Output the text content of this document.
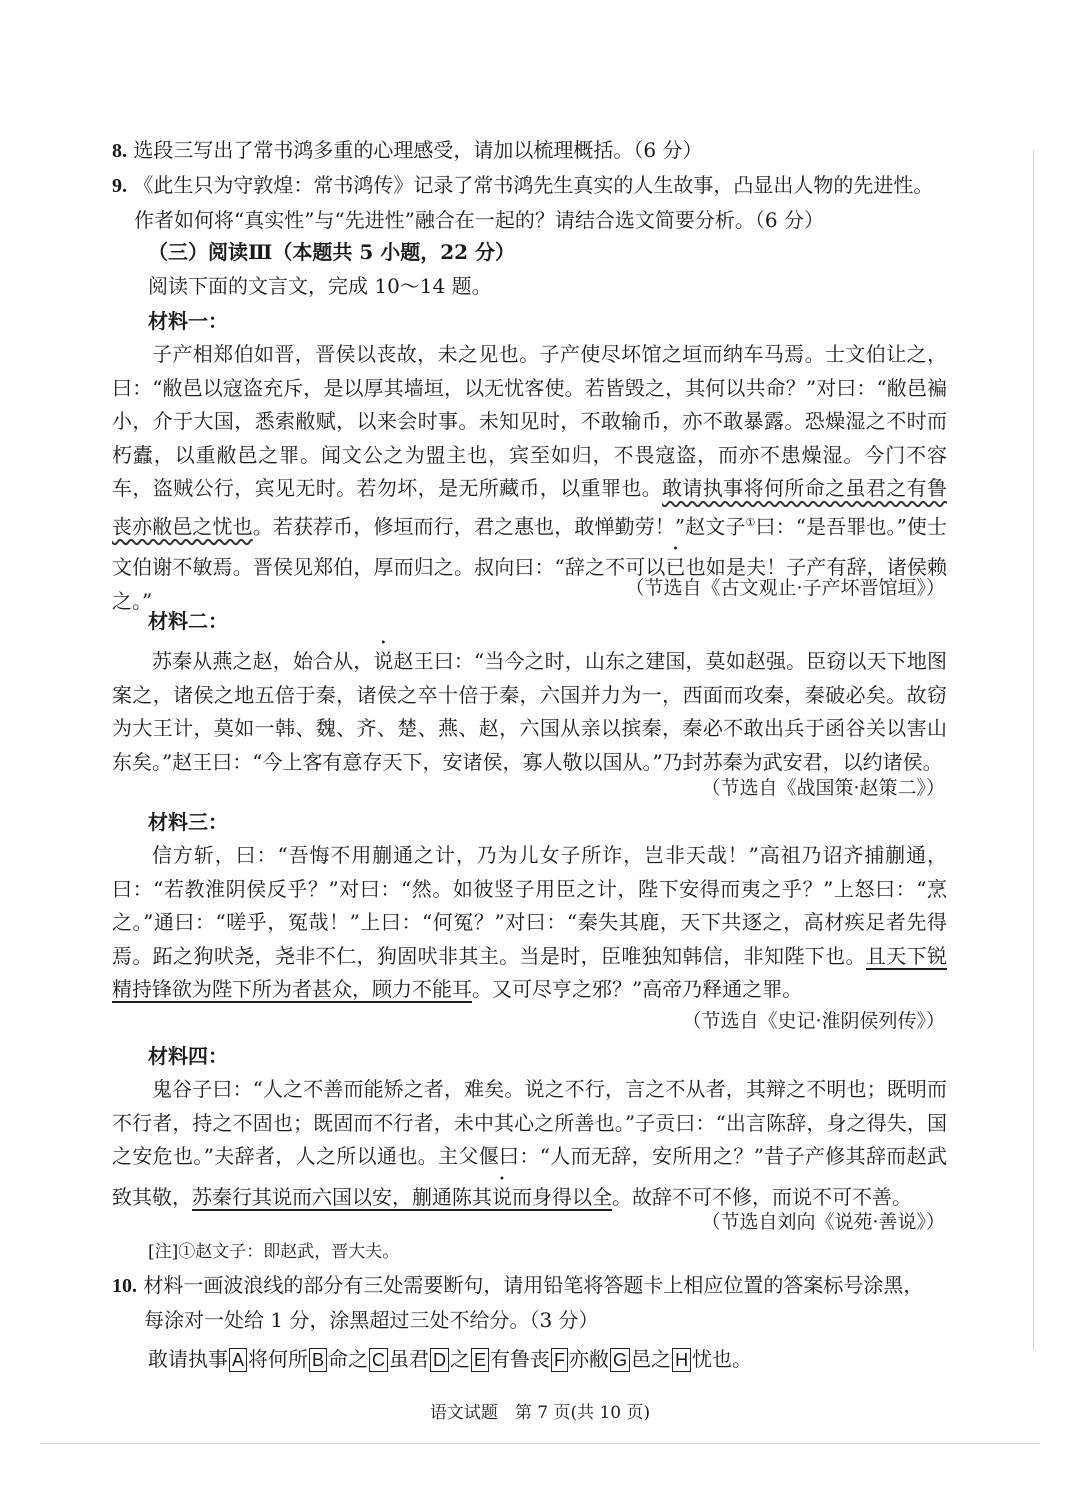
8. 选段三写出了常书鸿多重的心理感受，请加以梳理概括。（6 分）
9. 《此生只为守敦煌：常书鸿传》记录了常书鸿先生真实的人生故事，凸显出人物的先进性。作者如何将“真实性”与“先进性”融合在一起的？请结合选文简要分析。（6 分）
（三）阅读Ⅲ（本题共 5 小题，22 分）
阅读下面的文言文，完成 10～14 题。
材料一：

子产相郑伯如晋，晋侯以丧故，未之见也。子产使尽坏馆之垣而纳车马焉。士文伯让之，曰：“敝邑以寇盗充斥，是以厚其墙垣，以无忧客使。若皆毁之，其何以共命？”对曰：“敝邑褊小，介于大国，悉索敝赋，以来会时事。未知见时，不敢输币，亦不敢暴露。恐燥湿之不时而朽蠹，以重敝邑之罪。闻文公之为盟主也，宾至如归，不畏寇盗，而亦不患燥湿。今门不容车，盗贼公行，宾见无时。若勿坏，是无所藏币，以重罪也。敢请执事将何所命之虽君之有鲁丧亦敝邑之忧也。若获荐币，修垣而行，君之惠也，敢惮勤劳！”赵文子①曰：“是吾罪也。”使士文伯谢不敏焉。晋侯见郑伯，厚而归之。叔向曰：“辞之不可以已也如是夫！子产有辞，诸侯赖之。”

（节选自《古文观止·子产坏晋馆垣》）
材料二：

苏秦从燕之赵，始合从，说赵王曰：“当今之时，山东之建国，莫如赵强。臣窃以天下地图案之，诸侯之地五倍于秦，诸侯之卒十倍于秦，六国并力为一，西面而攻秦，秦破必矣。故窃为大王计，莫如一韩、魏、齐、楚、燕、赵，六国从亲以摈秦，秦必不敢出兵于函谷关以害山东矣。”赵王曰：“今上客有意存天下，安诸侯，寡人敬以国从。”乃封苏秦为武安君，以约诸侯。

（节选自《战国策·赵策二》）
材料三：

信方斩，曰：“吾悔不用蒯通之计，乃为儿女子所诈，岂非天哉！”高祖乃诏齐捕蒯通，曰：“若教淮阴侯反乎？”对曰：“然。如彼竖子用臣之计，陛下安得而夷之乎？”上怒曰：“烹之。”通曰：“嗟乎，冤哉！”上曰：“何冤？”对曰：“秦失其鹿，天下共逐之，高材疾足者先得焉。跖之狗吠尧，尧非不仁，狗固吠非其主。当是时，臣唯独知韩信，非知陛下也。且天下锐精持锋欲为陛下所为者甚众，顾力不能耳。又可尽亨之邪？”高帝乃释通之罪。

（节选自《史记·淮阴侯列传》）
材料四：

鬼谷子曰：“人之不善而能矫之者，难矣。说之不行，言之不从者，其辩之不明也；既明而不行者，持之不固也；既固而不行者，未中其心之所善也。”子贡曰：“出言陈辞，身之得失，国之安危也。”夫辞者，人之所以通也。主父偃曰：“人而无辞，安所用之？”昔子产修其辞而赵武致其敬，苏秦行其说而六国以安，蒯通陈其说而身得以全。故辞不可不修，而说不可不善。

（节选自刘向《说苑·善说》）
[注]①赵文子：即赵武，晋大夫。
10. 材料一画波浪线的部分有三处需要断句，请用铅笔将答题卡上相应位置的答案标号涂黑，每涂对一处给 1 分，涂黑超过三处不给分。（3 分）
敢请执事 A 将何所 B 命之 C 虽君 D 之 E 有鲁丧 F 亦敝 G 邑之 H 忧也。
语文试题　第 7 页(共 10 页)
